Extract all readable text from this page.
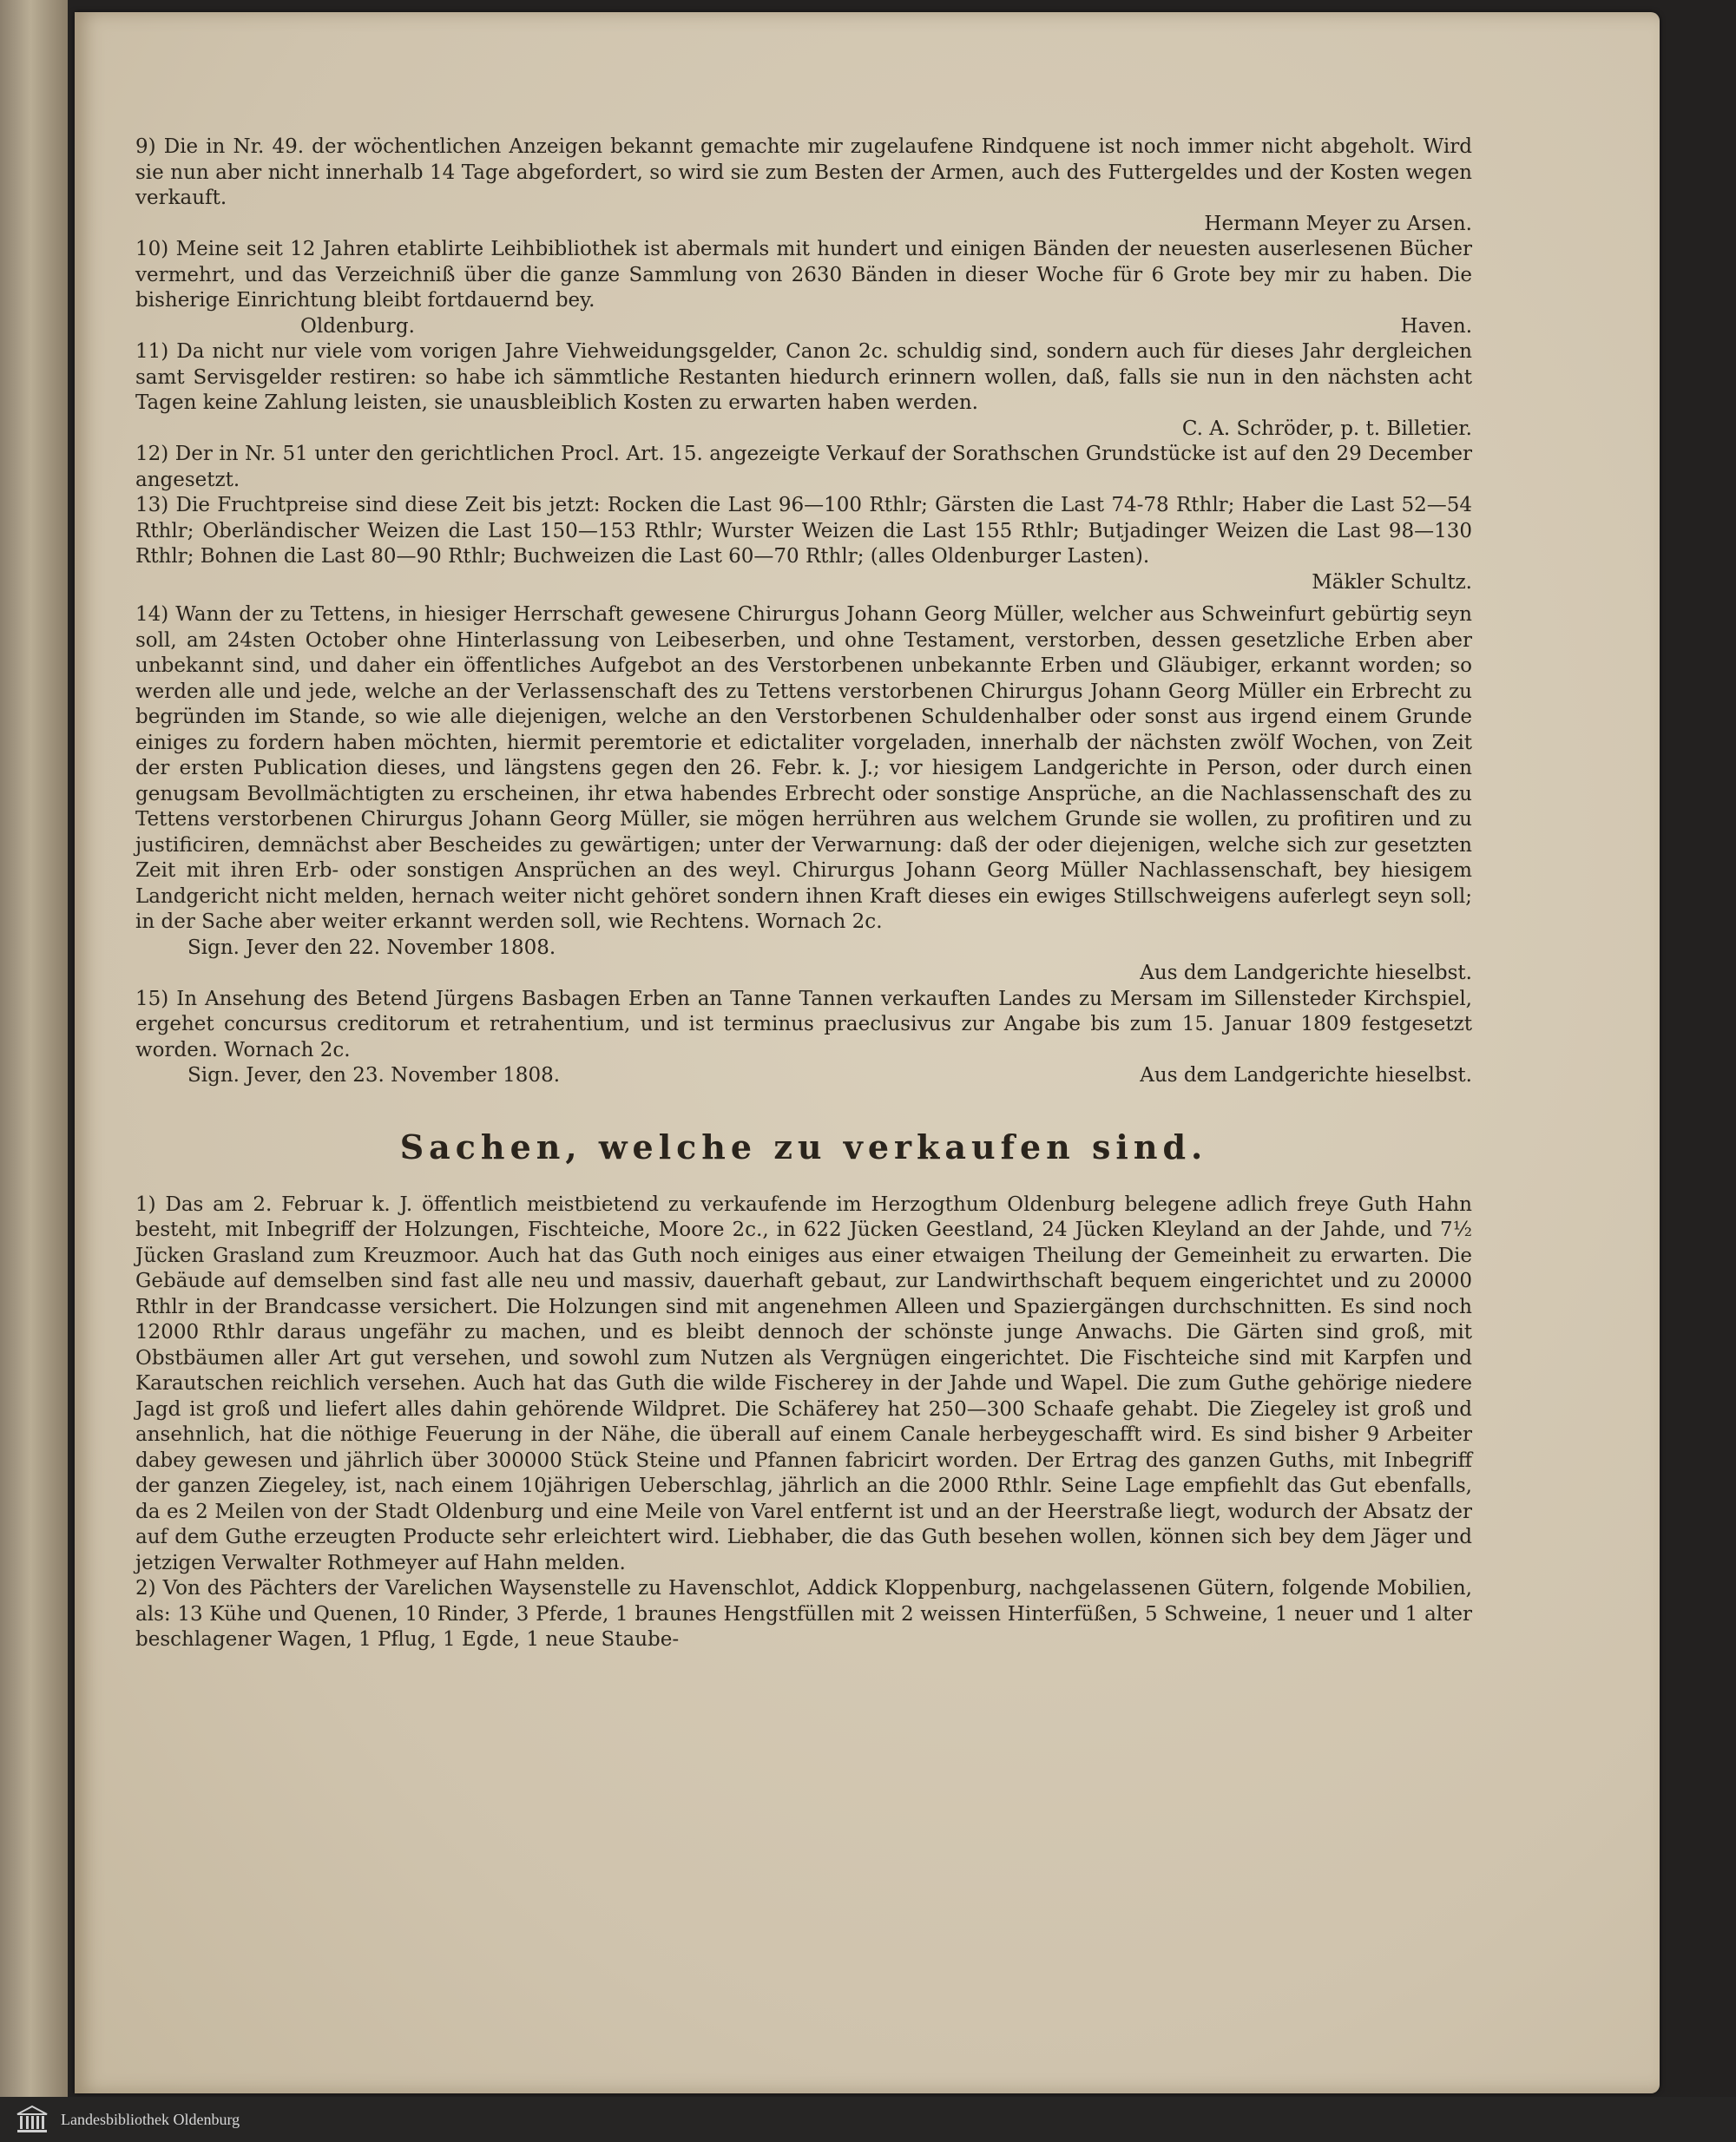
9) Die in Nr. 49. der wöchentlichen Anzeigen bekannt gemachte mir zugelaufene Rindquene ist noch immer nicht abgeholt. Wird sie nun aber nicht innerhalb 14 Tage abgefordert, so wird sie zum Besten der Armen, auch des Futtergeldes und der Kosten wegen verkauft.

Hermann Meyer zu Arsen.

10) Meine seit 12 Jahren etablirte Leihbibliothek ist abermals mit hundert und einigen Bänden der neuesten auserlesenen Bücher vermehrt, und das Verzeichniß über die ganze Sammlung von 2630 Bänden in dieser Woche für 6 Grote bey mir zu haben. Die bisherige Einrichtung bleibt fortdauernd bey.

Oldenburg.	Haven.

11) Da nicht nur viele vom vorigen Jahre Viehweidungsgelder, Canon 2c. schuldig sind, sondern auch für dieses Jahr dergleichen samt Servisgelder restiren: so habe ich sämmtliche Restanten hiedurch erinnern wollen, daß, falls sie nun in den nächsten acht Tagen keine Zahlung leisten, sie unausbleiblich Kosten zu erwarten haben werden.

C. A. Schröder, p. t. Billetier.

12) Der in Nr. 51 unter den gerichtlichen Procl. Art. 15. angezeigte Verkauf der Sorathschen Grundstücke ist auf den 29 December angesetzt.

13) Die Fruchtpreise sind diese Zeit bis jetzt: Rocken die Last 96—100 Rthlr; Gärsten die Last 74-78 Rthlr; Haber die Last 52—54 Rthlr; Oberländischer Weizen die Last 150—153 Rthlr; Wurster Weizen die Last 155 Rthlr; Butjadinger Weizen die Last 98—130 Rthlr; Bohnen die Last 80—90 Rthlr; Buchweizen die Last 60—70 Rthlr; (alles Oldenburger Lasten).

Mäkler Schultz.

14) Wann der zu Tettens, in hiesiger Herrschaft gewesene Chirurgus Johann Georg Müller, welcher aus Schweinfurt gebürtig seyn soll, am 24sten October ohne Hinterlassung von Leibeserben, und ohne Testament, verstorben, dessen gesetzliche Erben aber unbekannt sind, und daher ein öffentliches Aufgebot an des Verstorbenen unbekannte Erben und Gläubiger, erkannt worden; so werden alle und jede, welche an der Verlassenschaft des zu Tettens verstorbenen Chirurgus Johann Georg Müller ein Erbrecht zu begründen im Stande, so wie alle diejenigen, welche an den Verstorbenen Schuldenhalber oder sonst aus irgend einem Grunde einiges zu fordern haben möchten, hiermit peremtorie et edictaliter vorgeladen, innerhalb der nächsten zwölf Wochen, von Zeit der ersten Publication dieses, und längstens gegen den 26. Febr. k. J.; vor hiesigem Landgerichte in Person, oder durch einen genugsam Bevollmächtigten zu erscheinen, ihr etwa habendes Erbrecht oder sonstige Ansprüche, an die Nachlassenschaft des zu Tettens verstorbenen Chirurgus Johann Georg Müller, sie mögen herrühren aus welchem Grunde sie wollen, zu profitiren und zu justificiren, demnächst aber Bescheides zu gewärtigen; unter der Verwarnung: daß der oder diejenigen, welche sich zur gesetzten Zeit mit ihren Erb- oder sonstigen Ansprüchen an des weyl. Chirurgus Johann Georg Müller Nachlassenschaft, bey hiesigem Landgericht nicht melden, hernach weiter nicht gehöret sondern ihnen Kraft dieses ein ewiges Stillschweigens auferlegt seyn soll; in der Sache aber weiter erkannt werden soll, wie Rechtens. Wornach 2c.

Sign. Jever den 22. November 1808.

Aus dem Landgerichte hieselbst.

15) In Ansehung des Betend Jürgens Basbagen Erben an Tanne Tannen verkauften Landes zu Mersam im Sillensteder Kirchspiel, ergehet concursus creditorum et retrahentium, und ist terminus praeclusivus zur Angabe bis zum 15. Januar 1809 festgesetzt worden. Wornach 2c.

Sign. Jever, den 23. November 1808.	Aus dem Landgerichte hieselbst.

Sachen, welche zu verkaufen sind.

1) Das am 2. Februar k. J. öffentlich meistbietend zu verkaufende im Herzogthum Oldenburg belegene adlich freye Guth Hahn besteht, mit Inbegriff der Holzungen, Fischteiche, Moore 2c., in 622 Jücken Geestland, 24 Jücken Kleyland an der Jahde, und 7½ Jücken Grasland zum Kreuzmoor. Auch hat das Guth noch einiges aus einer etwaigen Theilung der Gemeinheit zu erwarten. Die Gebäude auf demselben sind fast alle neu und massiv, dauerhaft gebaut, zur Landwirthschaft bequem eingerichtet und zu 20000 Rthlr in der Brandcasse versichert. Die Holzungen sind mit angenehmen Alleen und Spaziergängen durchschnitten. Es sind noch 12000 Rthlr daraus ungefähr zu machen, und es bleibt dennoch der schönste junge Anwachs. Die Gärten sind groß, mit Obstbäumen aller Art gut versehen, und sowohl zum Nutzen als Vergnügen eingerichtet. Die Fischteiche sind mit Karpfen und Karautschen reichlich versehen. Auch hat das Guth die wilde Fischerey in der Jahde und Wapel. Die zum Guthe gehörige niedere Jagd ist groß und liefert alles dahin gehörende Wildpret. Die Schäferey hat 250—300 Schaafe gehabt. Die Ziegeley ist groß und ansehnlich, hat die nöthige Feuerung in der Nähe, die überall auf einem Canale herbeygeschafft wird. Es sind bisher 9 Arbeiter dabey gewesen und jährlich über 300000 Stück Steine und Pfannen fabricirt worden. Der Ertrag des ganzen Guths, mit Inbegriff der ganzen Ziegeley, ist, nach einem 10jährigen Ueberschlag, jährlich an die 2000 Rthlr. Seine Lage empfiehlt das Gut ebenfalls, da es 2 Meilen von der Stadt Oldenburg und eine Meile von Varel entfernt ist und an der Heerstraße liegt, wodurch der Absatz der auf dem Guthe erzeugten Producte sehr erleichtert wird. Liebhaber, die das Guth besehen wollen, können sich bey dem Jäger und jetzigen Verwalter Rothmeyer auf Hahn melden.

2) Von des Pächters der Varelichen Waysenstelle zu Havenschlot, Addick Kloppenburg, nachgelassenen Gütern, folgende Mobilien, als: 13 Kühe und Quenen, 10 Rinder, 3 Pferde, 1 braunes Hengstfüllen mit 2 weissen Hinterfüßen, 5 Schweine, 1 neuer und 1 alter beschlagener Wagen, 1 Pflug, 1 Egde, 1 neue Staube-

Landesbibliothek Oldenburg
